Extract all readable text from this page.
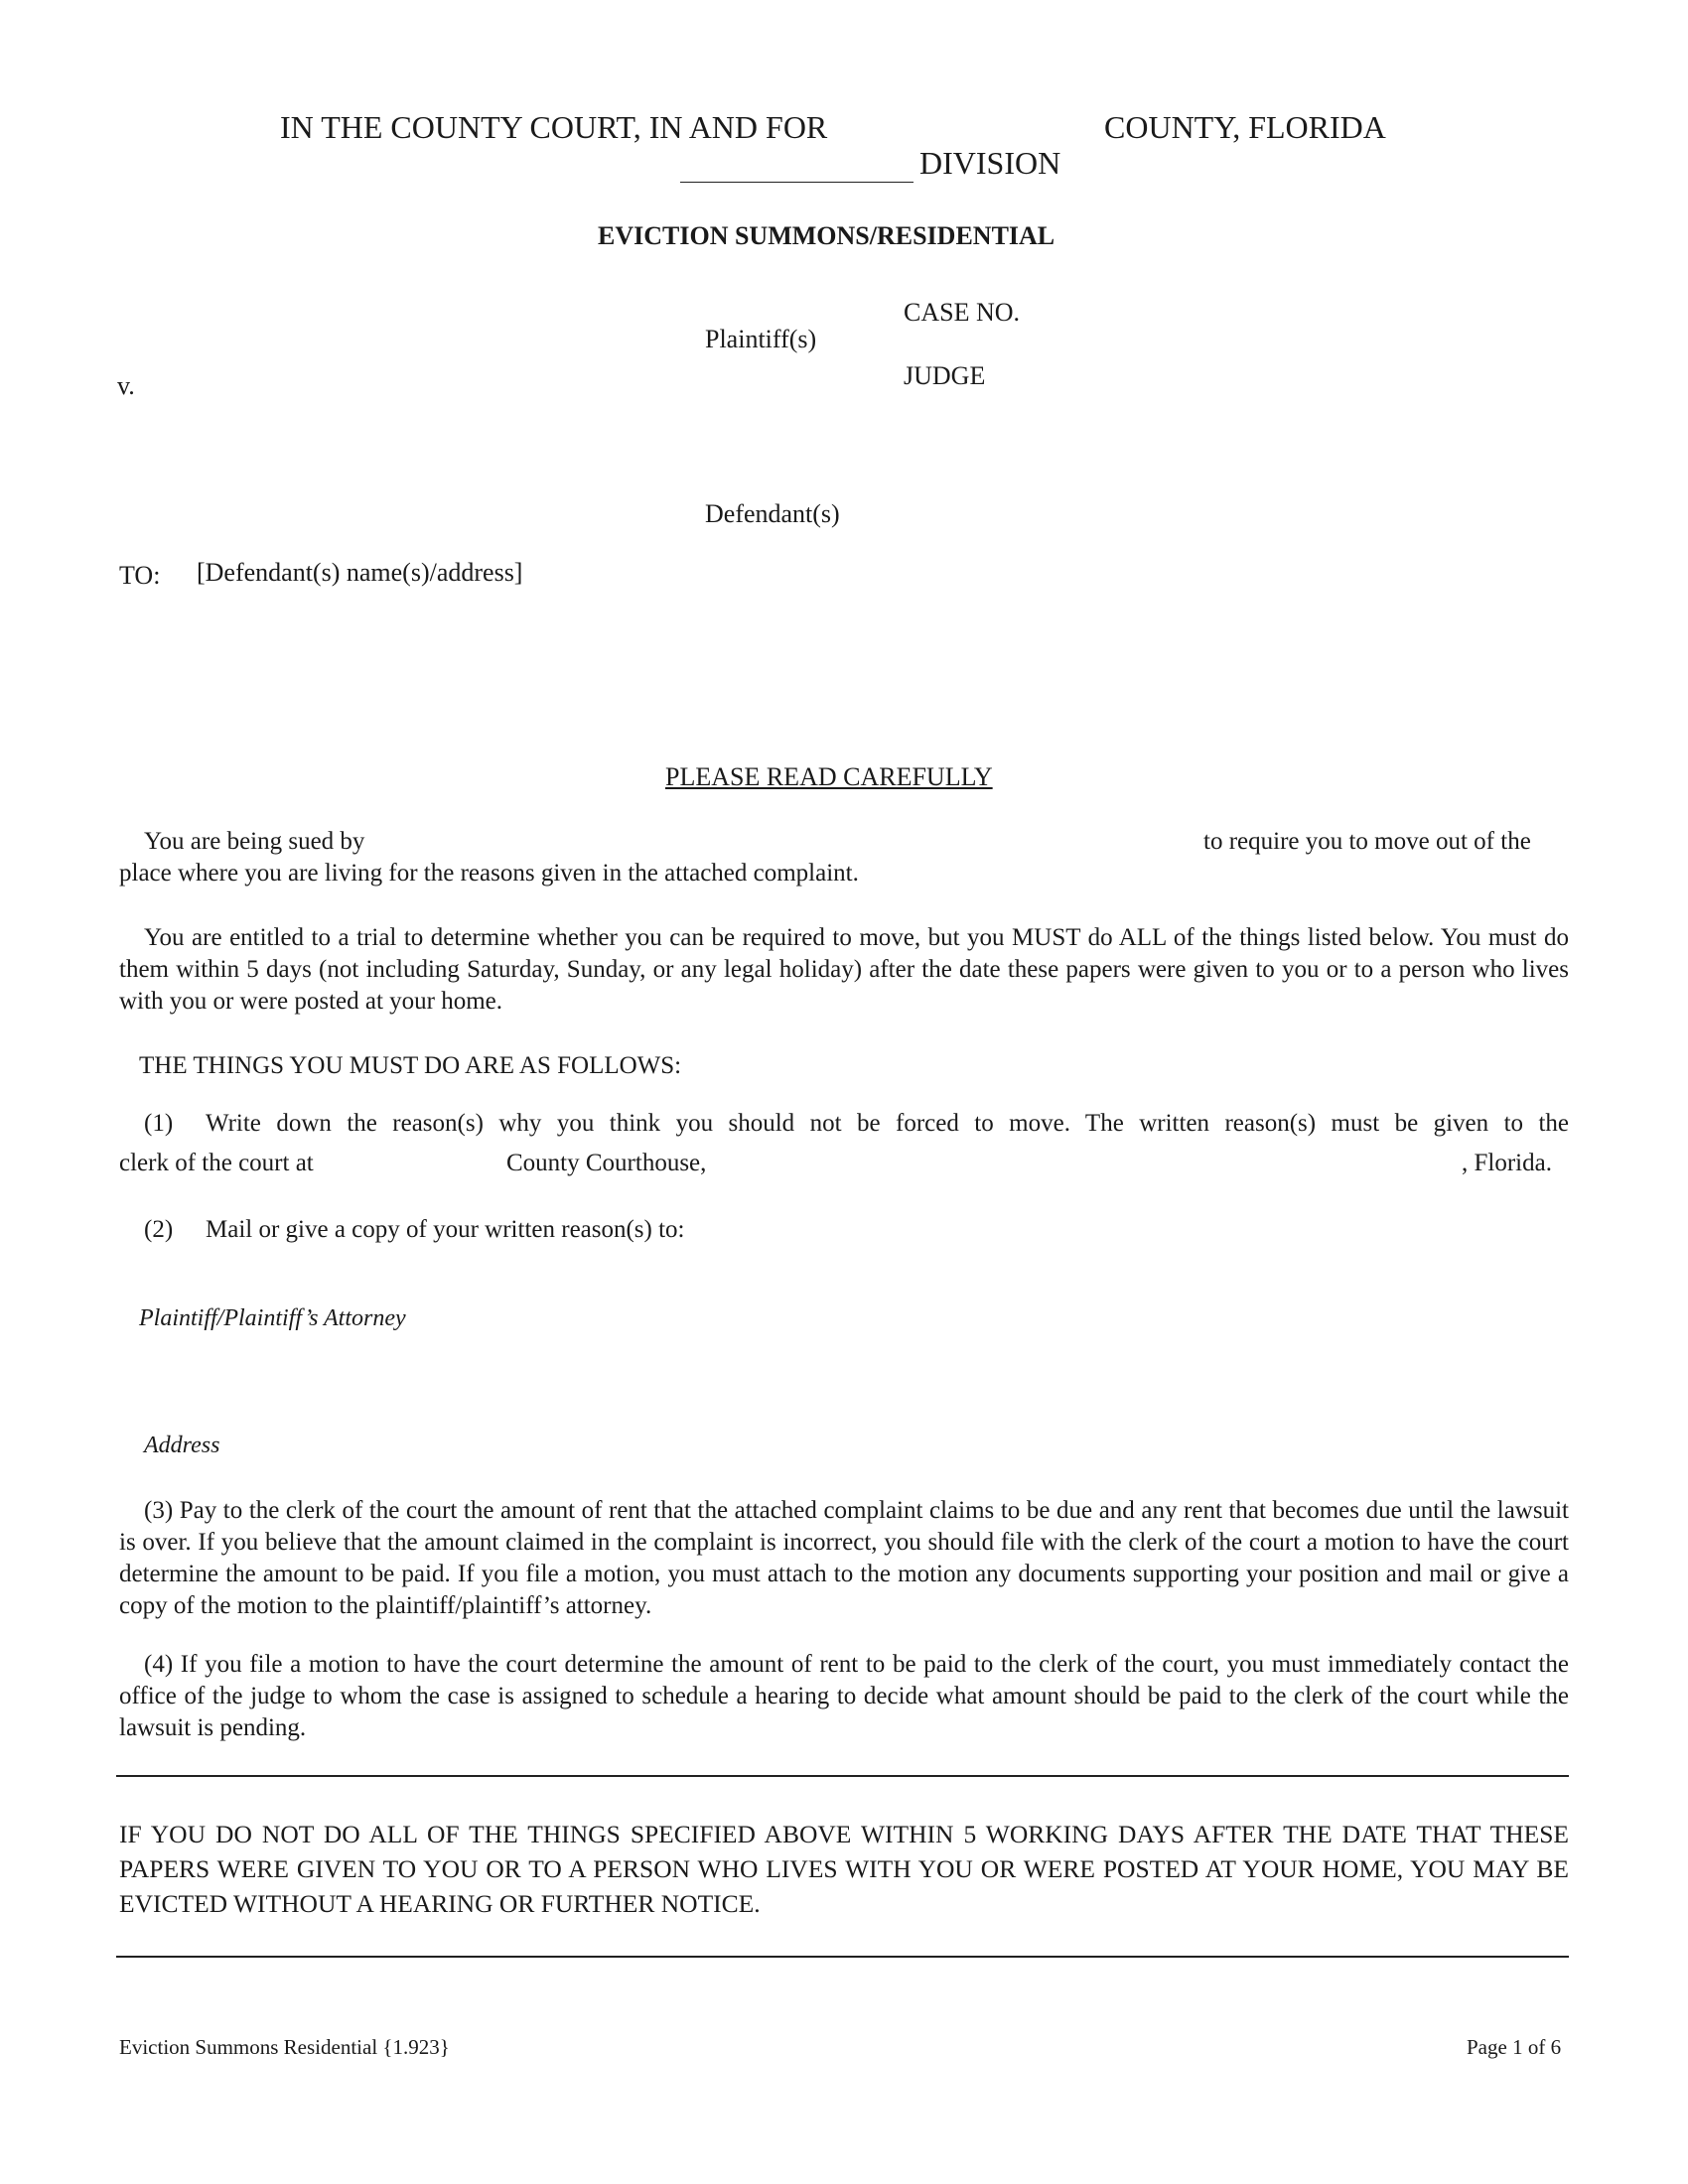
IN THE COUNTY COURT, IN AND FOR	COUNTY, FLORIDA
DIVISION
EVICTION SUMMONS/RESIDENTIAL
CASE NO.
Plaintiff(s)
JUDGE
v.
Defendant(s)
TO: [Defendant(s) name(s)/address]
PLEASE READ CAREFULLY
You are being sued by	to require you to move out of the
place where you are living for the reasons given in the attached complaint.
You are entitled to a trial to determine whether you can be required to move, but you MUST do ALL of the things listed below. You must do them within 5 days (not including Saturday, Sunday, or any legal holiday) after the date these papers were given to you or to a person who lives with you or were posted at your home.
THE THINGS YOU MUST DO ARE AS FOLLOWS:
(1) Write down the reason(s) why you think you should not be forced to move. The written reason(s) must be given to the
clerk of the court at	County Courthouse,	, Florida.
(2) Mail or give a copy of your written reason(s) to:
Plaintiff/Plaintiff’s Attorney
Address
(3) Pay to the clerk of the court the amount of rent that the attached complaint claims to be due and any rent that becomes due until the lawsuit is over. If you believe that the amount claimed in the complaint is incorrect, you should file with the clerk of the court a motion to have the court determine the amount to be paid. If you file a motion, you must attach to the motion any documents supporting your position and mail or give a copy of the motion to the plaintiff/plaintiff’s attorney.
(4) If you file a motion to have the court determine the amount of rent to be paid to the clerk of the court, you must immediately contact the office of the judge to whom the case is assigned to schedule a hearing to decide what amount should be paid to the clerk of the court while the lawsuit is pending.
IF YOU DO NOT DO ALL OF THE THINGS SPECIFIED ABOVE WITHIN 5 WORKING DAYS AFTER THE DATE THAT THESE PAPERS WERE GIVEN TO YOU OR TO A PERSON WHO LIVES WITH YOU OR WERE POSTED AT YOUR HOME, YOU MAY BE EVICTED WITHOUT A HEARING OR FURTHER NOTICE.
Eviction Summons Residential {1.923}	Page 1 of 6
